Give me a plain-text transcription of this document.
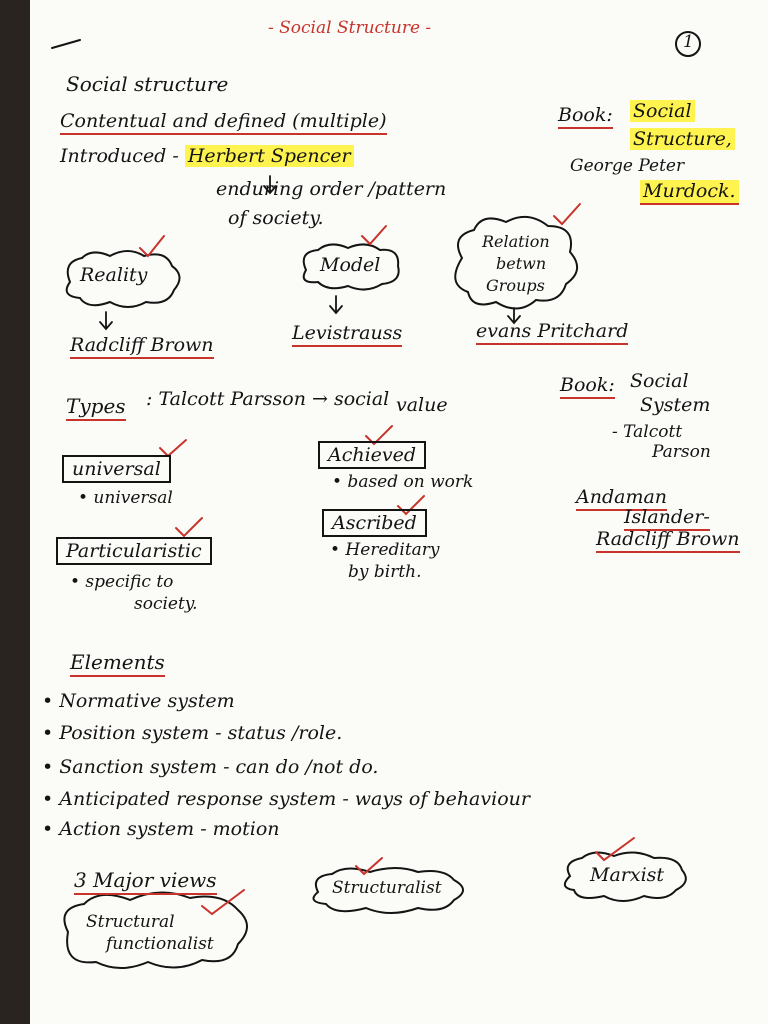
- Social Structure -
1
Social structure
Contentual and defined (multiple)
Introduced - Herbert Spencer
enduring order /pattern
of society.
Book: Social
Structure,
George Peter
Murdock.
Reality	Model
Relation
betwn
Groups
Radcliff Brown
Levistrauss	evans Pritchard
Types : Talcott Parsson → social value
Book: Social
System
- Talcott
Parson
universal
• universal
Achieved
• based on work
Ascribed
• Hereditary
by birth.
Particularistic
• specific to
society.
Andaman
Islander-
Radcliff Brown
Elements
• Normative system
• Position system - status /role.
• Sanction system - can do /not do.
• Anticipated response system - ways of behaviour
• Action system - motion
3 Major views
Structural
functionalist
Structuralist
Marxist
